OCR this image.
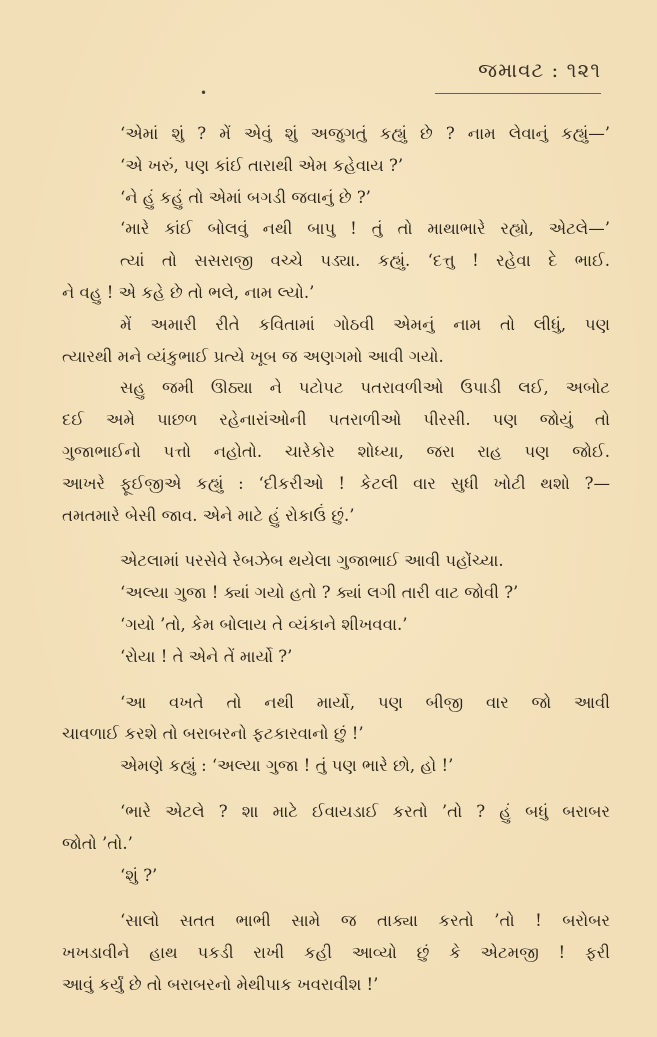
જમાવટ : ૧૨૧
•
‘એમાં શું ? મેં એવું શું અજુગતું કહ્યું છે ? નામ લેવાનું કહ્યું—’
‘એ ખરું, પણ કાંઈ તારાથી એમ કહેવાય ?’
‘ને હું કહું તો એમાં બગડી જવાનું છે ?’
‘મારે કાંઈ બોલવું નથી બાપુ ! તું તો માથાભારે રહ્યો, એટલે—’
ત્યાં તો સસરાજી વચ્ચે પડ્યા. કહ્યું. ‘દત્તુ ! રહેવા દે ભાઈ.
ને વહુ ! એ કહે છે તો ભલે, નામ લ્યો.’
મેં અમારી રીતે કવિતામાં ગોઠવી એમનું નામ તો લીધું, પણ
ત્યારથી મને વ્યંકુભાઈ પ્રત્યે ખૂબ જ અણગમો આવી ગયો.
સહુ જમી ઊઠ્યા ને પટોપટ પતરાવળીઓ ઉપાડી લઈ, અબોટ
દઈ અમે પાછળ રહેનારાંઓની પતરાળીઓ પીરસી. પણ જોયું તો
ગુજાભાઈનો પત્તો નહોતો. ચારેકોર શોધ્યા, જરા રાહ પણ જોઈ.
આખરે ફૂઈજીએ કહ્યું : ‘દીકરીઓ ! કેટલી વાર સુધી ખોટી થશો ?—
તમતમારે બેસી જાવ. એને માટે હું રોકાઉં છું.’
એટલામાં પરસેવે રેબઝેબ થયેલા ગુજાભાઈ આવી પહોંચ્યા.
‘અલ્યા ગુજા ! ક્યાં ગયો હતો ? ક્યાં લગી તારી વાટ જોવી ?’
‘ગયો ’તો, કેમ બોલાય તે વ્યંકાને શીખવવા.’
‘રોયા ! તે એને તેં માર્યો ?’
‘આ વખતે તો નથી માર્યો, પણ બીજી વાર જો આવી
ચાવળાઈ કરશે તો બરાબરનો ફટકારવાનો છું !’
એમણે કહ્યું : ‘અલ્યા ગુજા ! તું પણ ભારે છો, હો !’
‘ભારે એટલે ? શા માટે ઈવાયડાઈ કરતો ’તો ? હું બધું બરાબર
જોતો ’તો.’
‘શું ?’
‘સાલો સતત ભાભી સામે જ તાક્યા કરતો ’તો ! બરોબર
ખખડાવીને હાથ પકડી રાખી કહી આવ્યો છું કે એટમજી ! ફરી
આવું કર્યું છે તો બરાબરનો મેથીપાક ખવરાવીશ !’
